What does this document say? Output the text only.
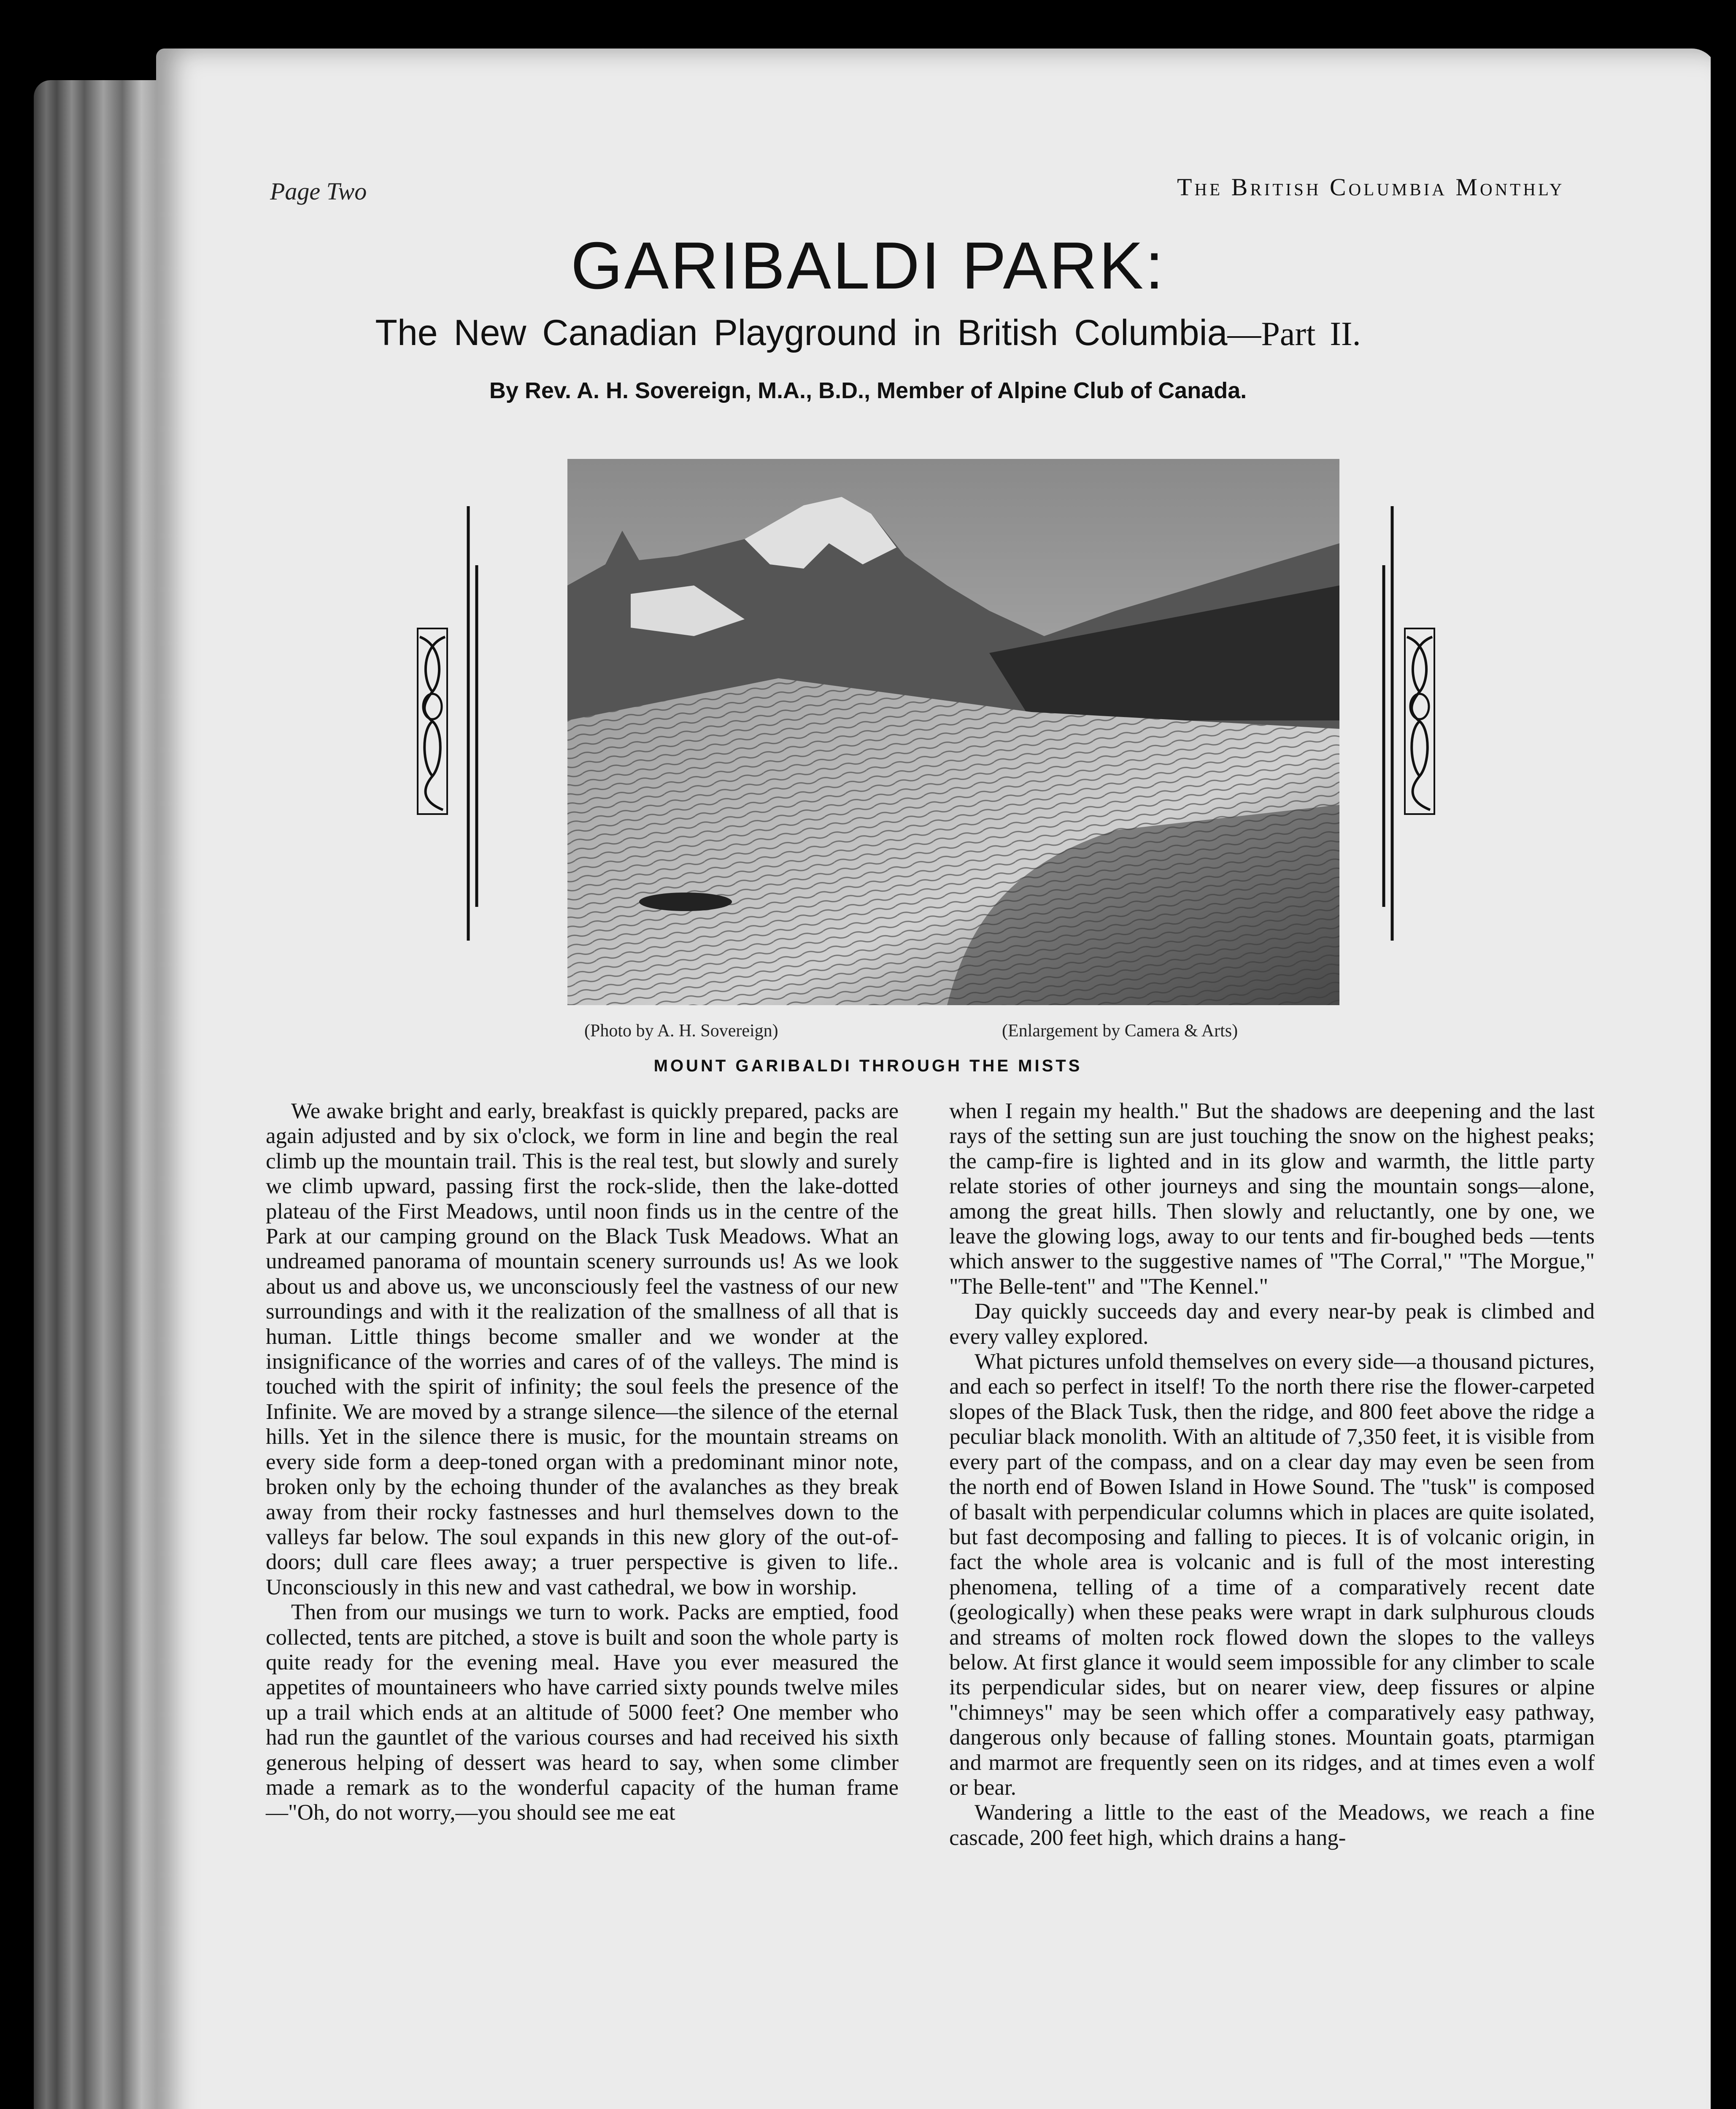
Page Two	The British Columbia Monthly
GARIBALDI PARK:
The New Canadian Playground in British Columbia—Part II.
By Rev. A. H. Sovereign, M.A., B.D., Member of Alpine Club of Canada.
(Photo by A. H. Sovereign)	(Enlargement by Camera & Arts)
MOUNT GARIBALDI THROUGH THE MISTS

We awake bright and early, breakfast is quickly prepared, packs are again adjusted and by six o'clock, we form in line and begin the real climb up the mountain trail. This is the real test, but slowly and surely we climb upward, passing first the rock-slide, then the lake-dotted plateau of the First Meadows, until noon finds us in the centre of the Park at our camping ground on the Black Tusk Meadows. What an undreamed panorama of mountain scenery surrounds us! As we look about us and above us, we unconsciously feel the vastness of our new surroundings and with it the realization of the smallness of all that is human. Little things become smaller and we wonder at the insignificance of the worries and cares of of the valleys. The mind is touched with the spirit of infinity; the soul feels the presence of the Infinite. We are moved by a strange silence—the silence of the eternal hills. Yet in the silence there is music, for the mountain streams on every side form a deep-toned organ with a predominant minor note, broken only by the echoing thunder of the avalanches as they break away from their rocky fastnesses and hurl themselves down to the valleys far below. The soul expands in this new glory of the out-of-doors; dull care flees away; a truer perspective is given to life.. Unconsciously in this new and vast cathedral, we bow in worship.

Then from our musings we turn to work. Packs are emptied, food collected, tents are pitched, a stove is built and soon the whole party is quite ready for the evening meal. Have you ever measured the appetites of mountaineers who have carried sixty pounds twelve miles up a trail which ends at an altitude of 5000 feet? One member who had run the gauntlet of the various courses and had received his sixth generous helping of dessert was heard to say, when some climber made a remark as to the wonderful capacity of the human frame—"Oh, do not worry,—you should see me eat

when I regain my health." But the shadows are deepening and the last rays of the setting sun are just touching the snow on the highest peaks; the camp-fire is lighted and in its glow and warmth, the little party relate stories of other journeys and sing the mountain songs—alone, among the great hills. Then slowly and reluctantly, one by one, we leave the glowing logs, away to our tents and fir-boughed beds —tents which answer to the suggestive names of "The Corral," "The Morgue," "The Belle-tent" and "The Kennel."

Day quickly succeeds day and every near-by peak is climbed and every valley explored.

What pictures unfold themselves on every side—a thousand pictures, and each so perfect in itself! To the north there rise the flower-carpeted slopes of the Black Tusk, then the ridge, and 800 feet above the ridge a peculiar black monolith. With an altitude of 7,350 feet, it is visible from every part of the compass, and on a clear day may even be seen from the north end of Bowen Island in Howe Sound. The "tusk" is composed of basalt with perpendicular columns which in places are quite isolated, but fast decomposing and falling to pieces. It is of volcanic origin, in fact the whole area is volcanic and is full of the most interesting phenomena, telling of a time of a comparatively recent date (geologically) when these peaks were wrapt in dark sulphurous clouds and streams of molten rock flowed down the slopes to the valleys below. At first glance it would seem impossible for any climber to scale its perpendicular sides, but on nearer view, deep fissures or alpine "chimneys" may be seen which offer a comparatively easy pathway, dangerous only because of falling stones. Mountain goats, ptarmigan and marmot are frequently seen on its ridges, and at times even a wolf or bear.

Wandering a little to the east of the Meadows, we reach a fine cascade, 200 feet high, which drains a hang-
